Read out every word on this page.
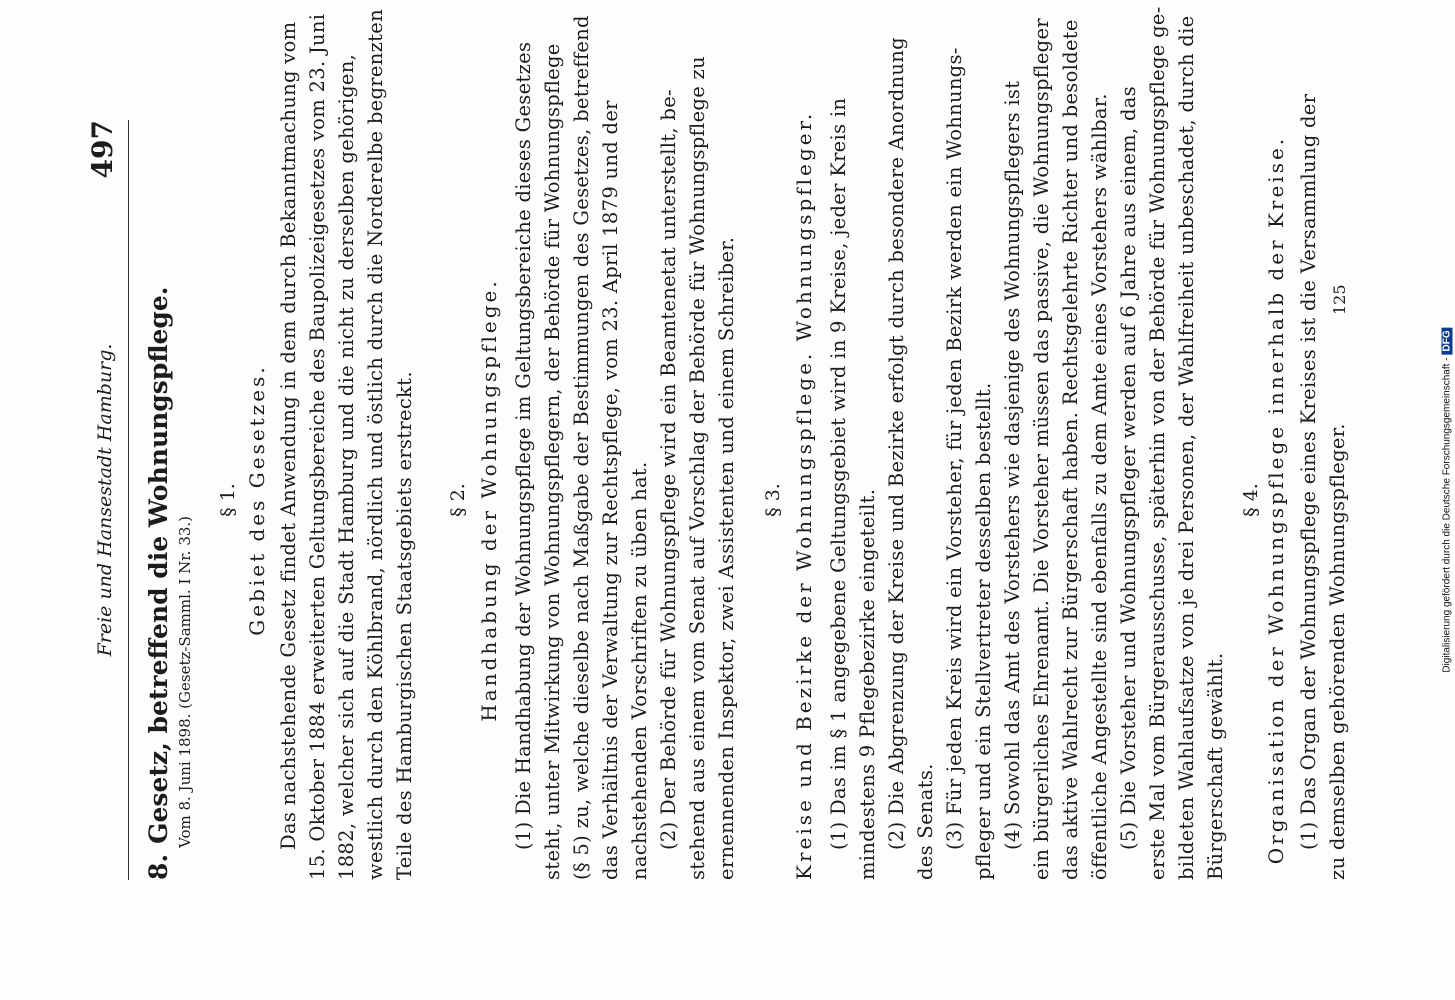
Freie und Hansestadt Hamburg.
497
8.Gesetz, betreffend die Wohnungspflege. Vom 8. Juni 1898. (Gesetz-Samml. I Nr. 33.)
§ 1. Gebiet des Gesetzes. Das nachstehende Gesetz findet Anwendung in dem durch Bekanntmachung vom 15. Oktober 1884 erweiterten Geltungsbereiche des Baupolizeigesetzes vom 23. Juni 1882, welcher sich auf die Stadt Hamburg und die nicht zu derselben gehörigen, westlich durch den Köhlbrand, nördlich und östlich durch die Norderelbe begrenzten Teile des Hamburgischen Staatsgebiets erstreckt. § 2. Handhabung der Wohnungspflege. (1) Die Handhabung der Wohnungspflege im Geltungsbereiche dieses Gesetzes steht, unter Mitwirkung von Wohnungspflegern, der Behörde für Wohnungspflege (§ 5) zu, welche dieselbe nach Maßgabe der Bestimmungen des Gesetzes, betreffend das Verhältnis der Verwaltung zur Rechtspflege, vom 23. April 1879 und der nachstehenden Vorschriften zu üben hat. (2) Der Behörde für Wohnungspflege wird ein Beamtenetat unterstellt, be- stehend aus einem vom Senat auf Vorschlag der Behörde für Wohnungspflege zu ernennenden Inspektor, zwei Assistenten und einem Schreiber. § 3. Kreise und Bezirke der Wohnungspflege. Wohnungspfleger. (1) Das im § 1 angegebene Geltungsgebiet wird in 9 Kreise, jeder Kreis in mindestens 9 Pflegebezirke eingeteilt. (2) Die Abgrenzung der Kreise und Bezirke erfolgt durch besondere Anordnung des Senats. (3) Für jeden Kreis wird ein Vorsteher, für jeden Bezirk werden ein Wohnungs- pfleger und ein Stellvertreter desselben bestellt. (4) Sowohl das Amt des Vorstehers wie dasjenige des Wohnungspflegers ist ein bürgerliches Ehrenamt. Die Vorsteher müssen das passive, die Wohnungspfleger das aktive Wahlrecht zur Bürgerschaft haben. Rechtsgelehrte Richter und besoldete öffentliche Angestellte sind ebenfalls zu dem Amte eines Vorstehers wählbar. (5) Die Vorsteher und Wohnungspfleger werden auf 6 Jahre aus einem, das erste Mal vom Bürgerausschusse, späterhin von der Behörde für Wohnungspflege ge- bildeten Wahlaufsatze von je drei Personen, der Wahlfreiheit unbeschadet, durch die Bürgerschaft gewählt.
§ 4. Organisation der Wohnungspflege innerhalb der Kreise. (1) Das Organ der Wohnungspflege eines Kreises ist die Versammlung der zu demselben gehörenden Wohnungspfleger.
125
Digitalisierung gefördert durch die Deutsche Forschungsgemeinschaft -DFG
